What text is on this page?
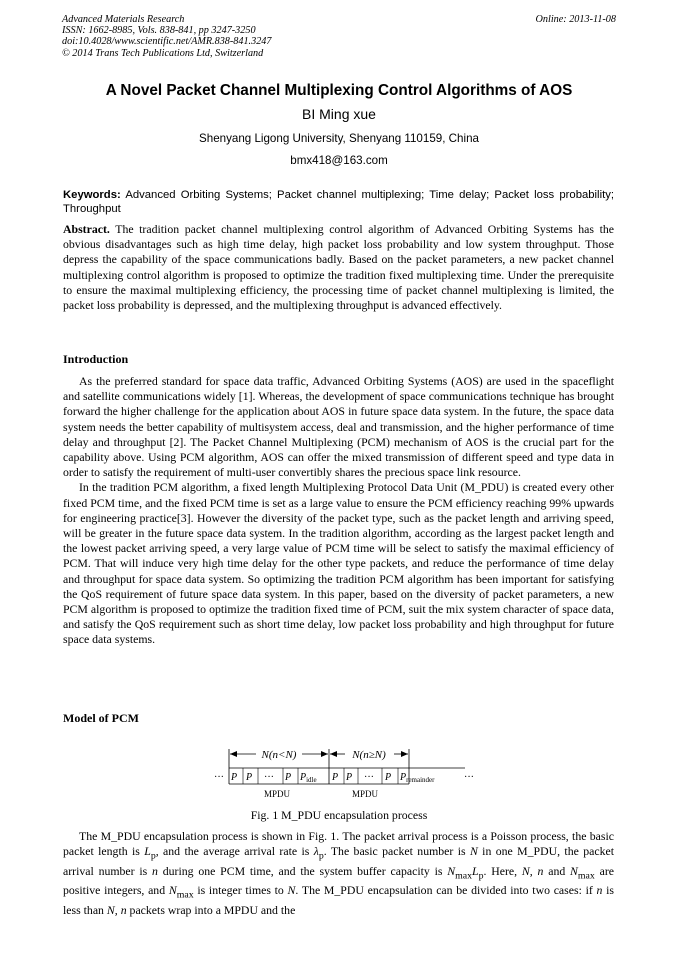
Advanced Materials Research
ISSN: 1662-8985, Vols. 838-841, pp 3247-3250
doi:10.4028/www.scientific.net/AMR.838-841.3247
© 2014 Trans Tech Publications Ltd, Switzerland
Online: 2013-11-08
A Novel Packet Channel Multiplexing Control Algorithms of AOS
BI Ming xue
Shenyang Ligong University, Shenyang 110159, China
bmx418@163.com
Keywords: Advanced Orbiting Systems; Packet channel multiplexing; Time delay; Packet loss probability; Throughput

Abstract. The tradition packet channel multiplexing control algorithm of Advanced Orbiting Systems has the obvious disadvantages such as high time delay, high packet loss probability and low system throughput. Those depress the capability of the space communications badly. Based on the packet parameters, a new packet channel multiplexing control algorithm is proposed to optimize the tradition fixed multiplexing time. Under the prerequisite to ensure the maximal multiplexing efficiency, the processing time of packet channel multiplexing is limited, the packet loss probability is depressed, and the multiplexing throughput is advanced effectively.

Introduction

As the preferred standard for space data traffic, Advanced Orbiting Systems (AOS) are used in the spaceflight and satellite communications widely [1]. Whereas, the development of space communications technique has brought forward the higher challenge for the application about AOS in future space data system. In the future, the space data system needs the better capability of multisystem access, deal and transmission, and the higher performance of time delay and throughput [2]. The Packet Channel Multiplexing (PCM) mechanism of AOS is the crucial part for the capability above. Using PCM algorithm, AOS can offer the mixed transmission of different speed and type data in order to satisfy the requirement of multi-user convertibly shares the precious space link resource.

In the tradition PCM algorithm, a fixed length Multiplexing Protocol Data Unit (M_PDU) is created every other fixed PCM time, and the fixed PCM time is set as a large value to ensure the PCM efficiency reaching 99% upwards for engineering practice[3]. However the diversity of the packet type, such as the packet length and arriving speed, will be greater in the future space data system. In the tradition algorithm, according as the largest packet length and the lowest packet arriving speed, a very large value of PCM time will be select to satisfy the maximal efficiency of PCM. That will induce very high time delay for the other type packets, and reduce the performance of time delay and throughput for space data system. So optimizing the tradition PCM algorithm has been important for satisfying the QoS requirement of future space data system. In this paper, based on the diversity of packet parameters, a new PCM algorithm is proposed to optimize the tradition fixed time of PCM, suit the mix system character of space data, and satisfy the QoS requirement such as short time delay, low packet loss probability and high throughput for future space data systems.

Model of PCM
N(n<N)	N(n≥N)
···	···
P P ··· P $P_{idle}$ P P ··· P $P_{remainder}$
MPDU	MPDU
Fig. 1 M_PDU encapsulation process

The M_PDU encapsulation process is shown in Fig. 1. The packet arrival process is a Poisson process, the basic packet length is $L_p$, and the average arrival rate is $\lambda_p$. The basic packet number is N in one M_PDU, the packet arrival number is n during one PCM time, and the system buffer capacity is $N_{max}L_p$. Here, N, n and $N_{max}$ are positive integers, and $N_{max}$ is integer times to N. The M_PDU encapsulation can be divided into two cases: if n is less than N, n packets wrap into a MPDU and the
